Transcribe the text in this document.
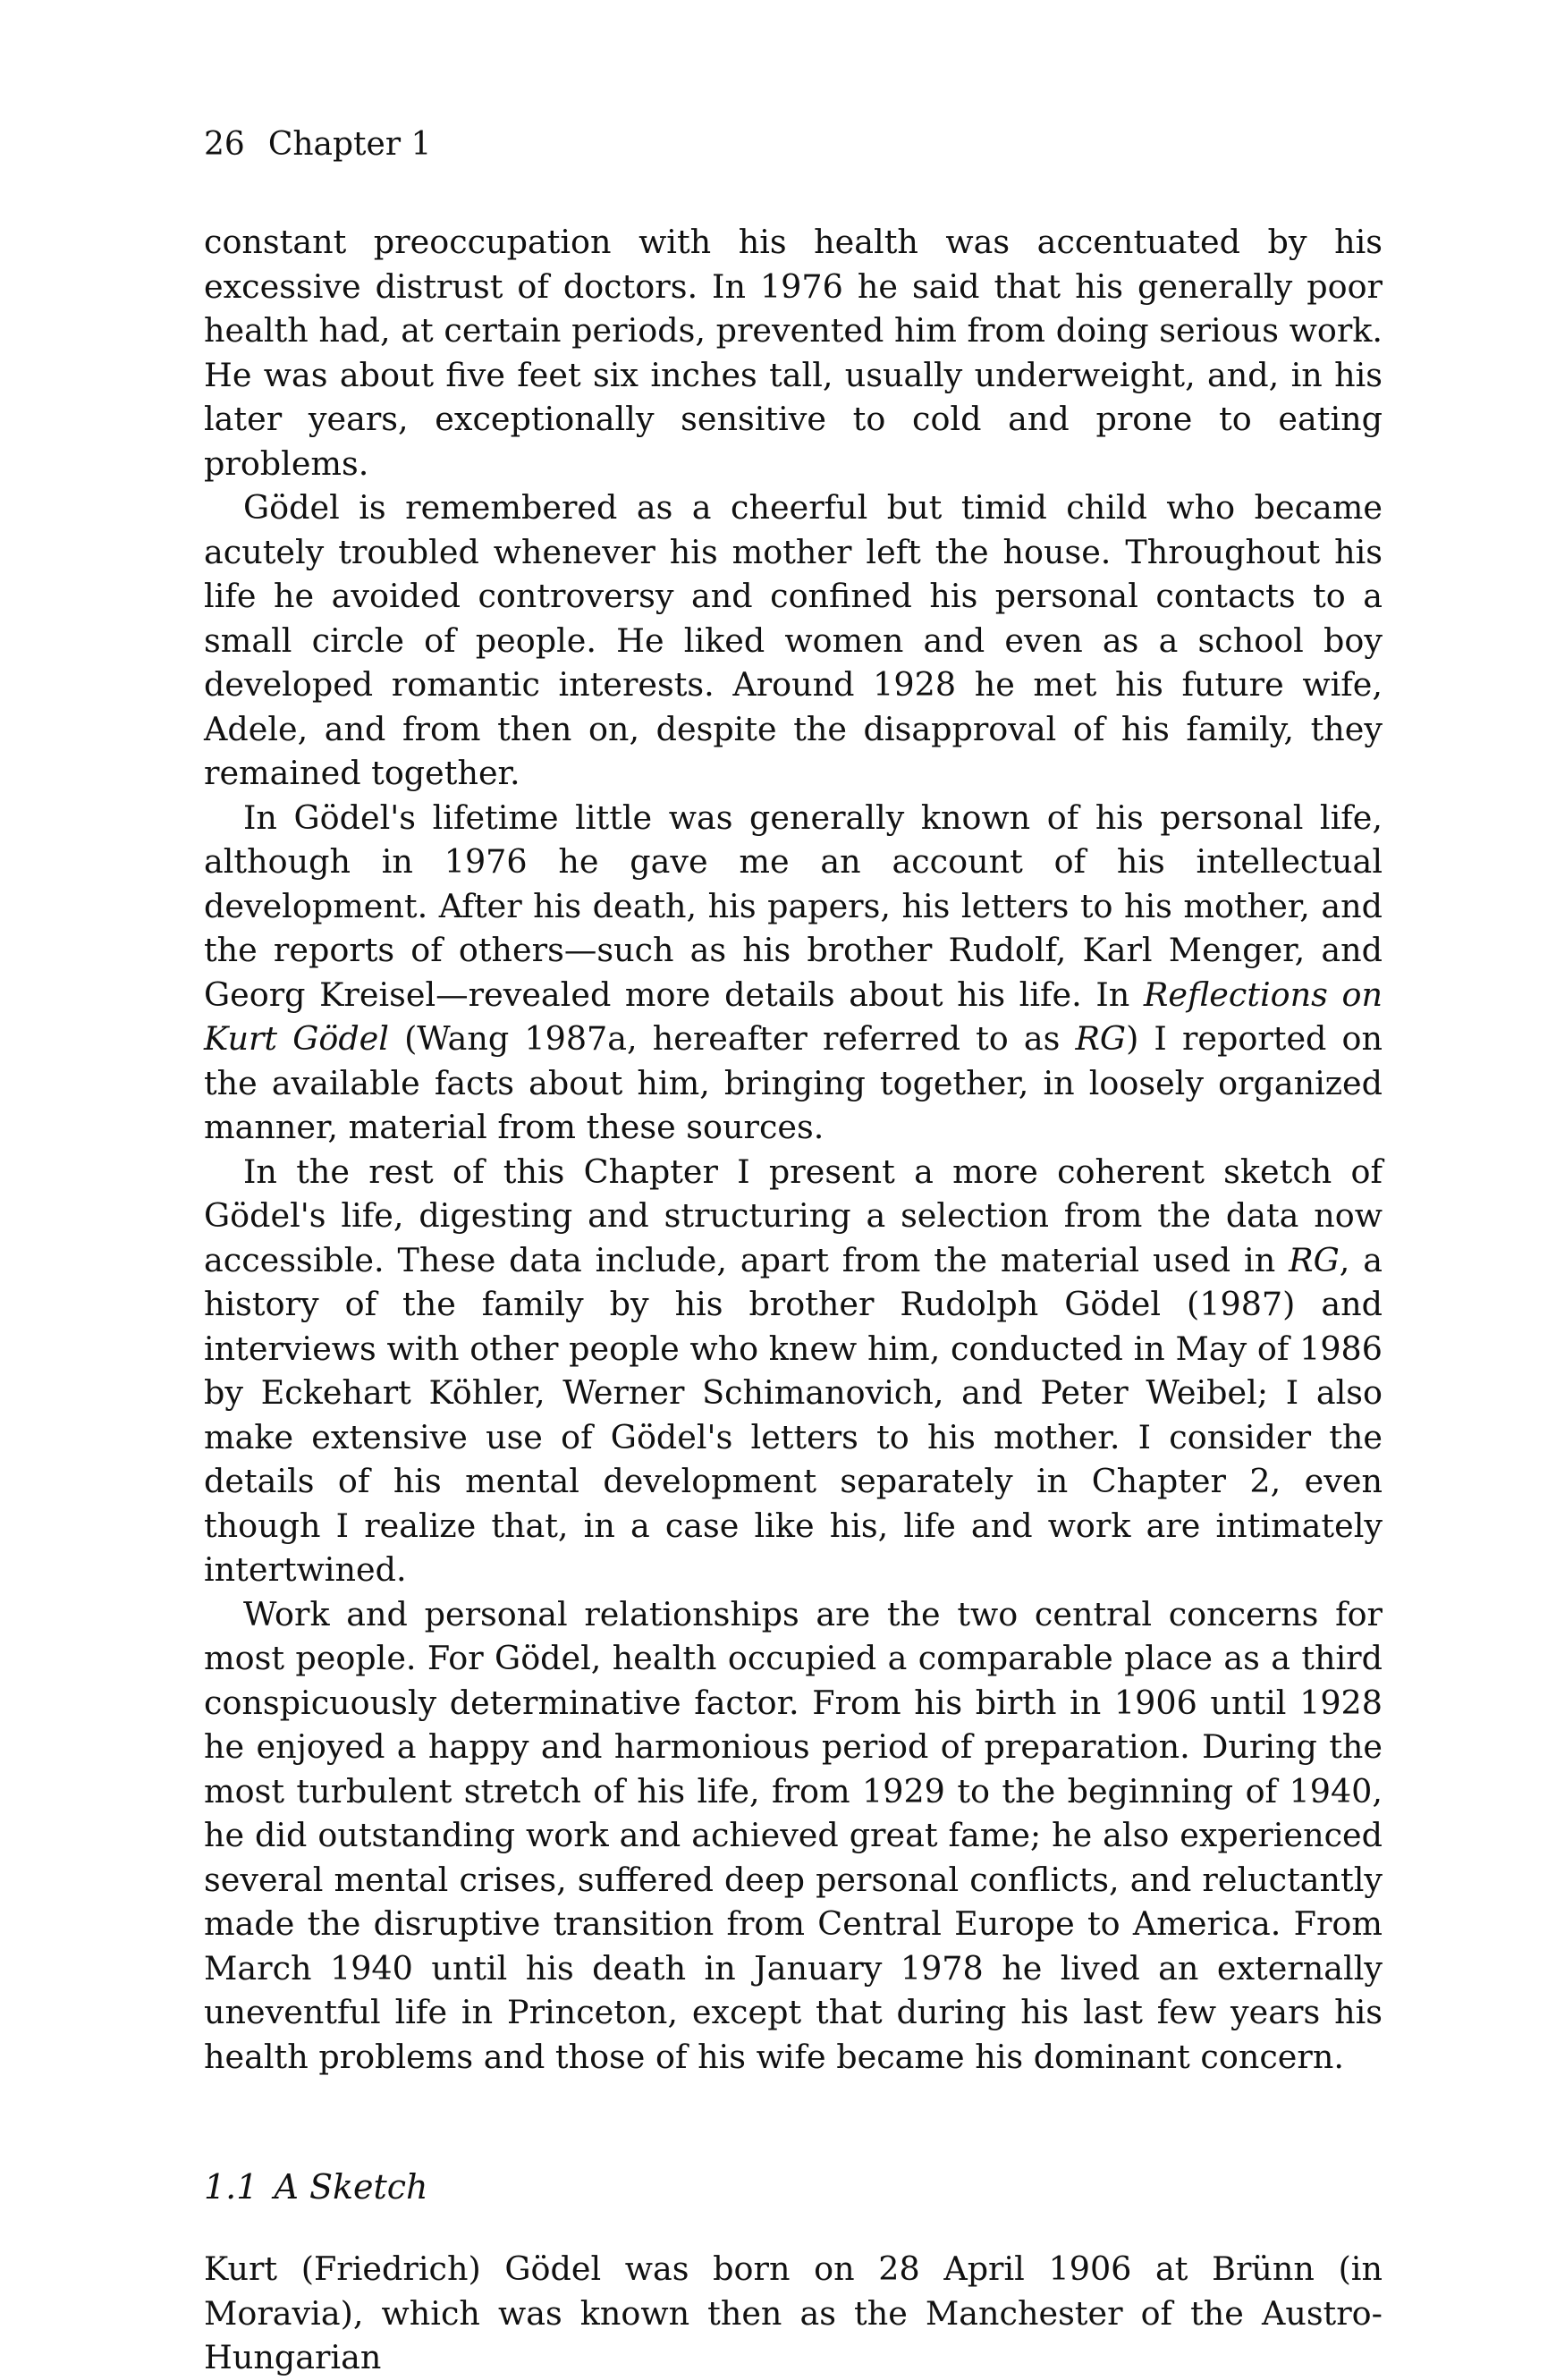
26 Chapter 1

constant preoccupation with his health was accentuated by his excessive distrust of doctors. In 1976 he said that his generally poor health had, at certain periods, prevented him from doing serious work. He was about five feet six inches tall, usually underweight, and, in his later years, exceptionally sensitive to cold and prone to eating problems.

Gödel is remembered as a cheerful but timid child who became acutely troubled whenever his mother left the house. Throughout his life he avoided controversy and confined his personal contacts to a small circle of people. He liked women and even as a school boy developed romantic interests. Around 1928 he met his future wife, Adele, and from then on, despite the disapproval of his family, they remained together.

In Gödel's lifetime little was generally known of his personal life, although in 1976 he gave me an account of his intellectual development. After his death, his papers, his letters to his mother, and the reports of others—such as his brother Rudolf, Karl Menger, and Georg Kreisel—revealed more details about his life. In Reflections on Kurt Gödel (Wang 1987a, hereafter referred to as RG) I reported on the available facts about him, bringing together, in loosely organized manner, material from these sources.

In the rest of this Chapter I present a more coherent sketch of Gödel's life, digesting and structuring a selection from the data now accessible. These data include, apart from the material used in RG, a history of the family by his brother Rudolph Gödel (1987) and interviews with other people who knew him, conducted in May of 1986 by Eckehart Köhler, Werner Schimanovich, and Peter Weibel; I also make extensive use of Gödel's letters to his mother. I consider the details of his mental development separately in Chapter 2, even though I realize that, in a case like his, life and work are intimately intertwined.

Work and personal relationships are the two central concerns for most people. For Gödel, health occupied a comparable place as a third conspicuously determinative factor. From his birth in 1906 until 1928 he enjoyed a happy and harmonious period of preparation. During the most turbulent stretch of his life, from 1929 to the beginning of 1940, he did outstanding work and achieved great fame; he also experienced several mental crises, suffered deep personal conflicts, and reluctantly made the disruptive transition from Central Europe to America. From March 1940 until his death in January 1978 he lived an externally uneventful life in Princeton, except that during his last few years his health problems and those of his wife became his dominant concern.

1.1 A Sketch

Kurt (Friedrich) Gödel was born on 28 April 1906 at Brünn (in Moravia), which was known then as the Manchester of the Austro-Hungarian
